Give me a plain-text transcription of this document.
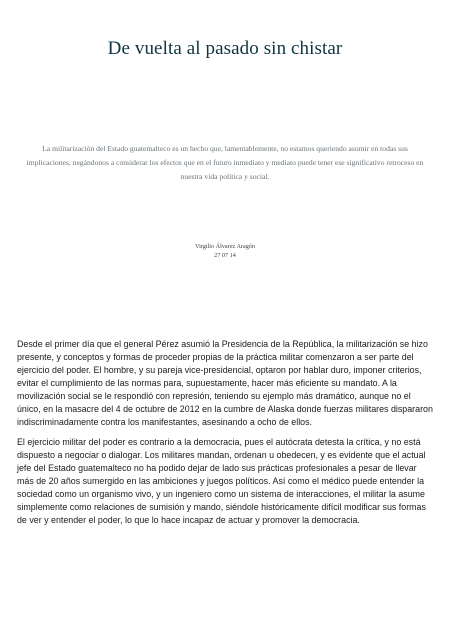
De vuelta al pasado sin chistar

La militarización del Estado guatemalteco es un hecho que, lamentablemente, no estamos queriendo asumir en todas sus implicaciones, negándonos a considerar los efectos que en el futuro inmediato y mediato puede tener ese significativo retroceso en nuestra vida política y social.

Virgilio Álvarez Aragón
27 07 14

Desde el primer día que el general Pérez asumió la Presidencia de la República, la militarización se hizo presente, y conceptos y formas de proceder propias de la práctica militar comenzaron a ser parte del ejercicio del poder. El hombre, y su pareja vice-presidencial, optaron por hablar duro, imponer criterios, evitar el cumplimiento de las normas para, supuestamente, hacer más eficiente su mandato. A la movilización social se le respondió con represión, teniendo su ejemplo más dramático, aunque no el único, en la masacre del 4 de octubre de 2012 en la cumbre de Alaska donde fuerzas militares dispararon indiscriminadamente contra los manifestantes, asesinando a ocho de ellos.

El ejercicio militar del poder es contrario a la democracia, pues el autócrata detesta la crítica, y no está dispuesto a negociar o dialogar. Los militares mandan, ordenan u obedecen, y es evidente que el actual jefe del Estado guatemalteco no ha podido dejar de lado sus prácticas profesionales a pesar de llevar más de 20 años sumergido en las ambiciones y juegos políticos. Así como el médico puede entender la sociedad como un organismo vivo, y un ingeniero como un sistema de interacciones, el militar la asume simplemente como relaciones de sumisión y mando, siéndole históricamente difícil modificar sus formas de ver y entender el poder, lo que lo hace incapaz de actuar y promover la democracia.
